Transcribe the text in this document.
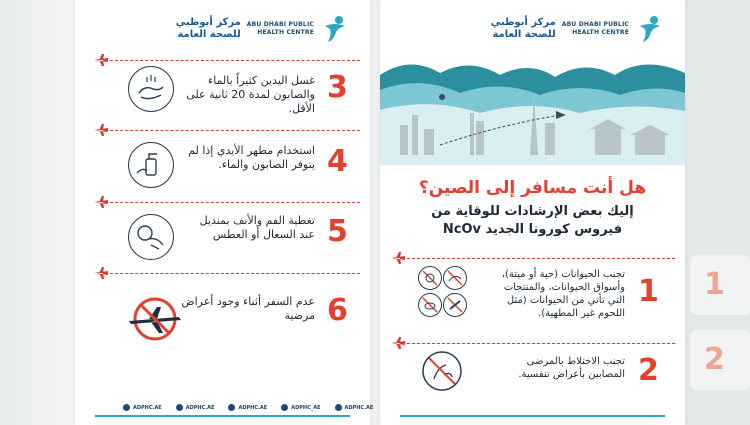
1
2
مركز أبوظبي
للصحة العامة
ABU DHABI PUBLIC
HEALTH CENTRE
3
غسل اليدين كثيراً بالماء والصابون لمدة 20 ثانية على الأقل.
4
استخدام مطهر الأيدي إذا لم يتوفر الصابون والماء.
5
تغطية الفم والأنف بمنديل عند السعال أو العطس
6
عدم السفر أثناء وجود أعراض مرضية
ADPHC.AE	ADPHC.AE	ADPHC.AE	ADPHC_AE	ADPHC.AE
مركز أبوظبي
للصحة العامة
ABU DHABI PUBLIC
HEALTH CENTRE
هل أنت مسافر إلى الصين؟
إليك بعض الإرشادات للوقاية من
فيروس كورونا الجديد NcOv
1
تجنب الحيوانات (حية أو ميتة)، وأسواق الحيوانات، والمنتجات التي تأتي من الحيوانات (مثل اللحوم غير المطهية).
2
تجنب الاختلاط بالمرضى المصابين بأعراض تنفسية.
